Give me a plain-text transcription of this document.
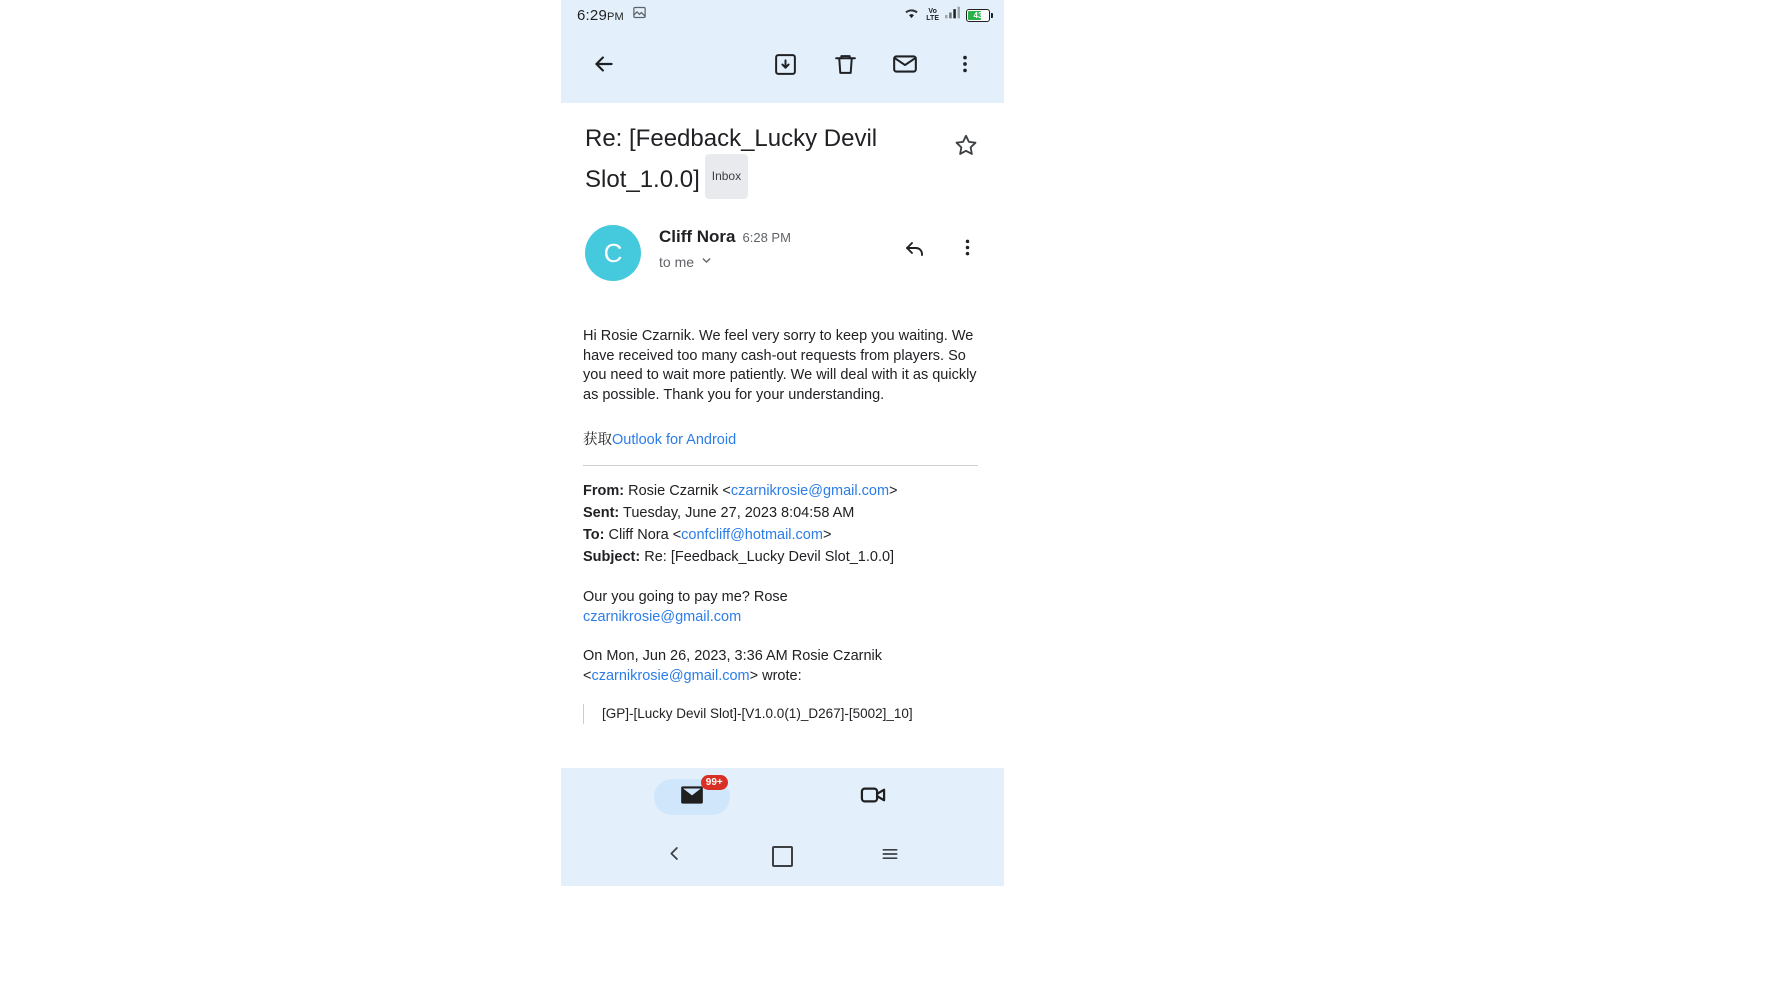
6:29PM	Vo
LTE	43
Re: [Feedback_Lucky Devil Slot_1.0.0] Inbox
C
Cliff Nora 6:28 PM
to me

Hi Rosie Czarnik. We feel very sorry to keep you waiting. We have received too many cash-out requests from players. So you need to wait more patiently. We will deal with it as quickly as possible. Thank you for your understanding.

获取Outlook for Android
From: Rosie Czarnik <czarnikrosie@gmail.com>
Sent: Tuesday, June 27, 2023 8:04:58 AM
To: Cliff Nora <confcliff@hotmail.com>
Subject: Re: [Feedback_Lucky Devil Slot_1.0.0]
Our you going to pay me? Rose
czarnikrosie@gmail.com
On Mon, Jun 26, 2023, 3:36 AM Rosie Czarnik <czarnikrosie@gmail.com> wrote:
[GP]-[Lucky Devil Slot]-[V1.0.0(1)_D267]-[5002]_10]
99+
